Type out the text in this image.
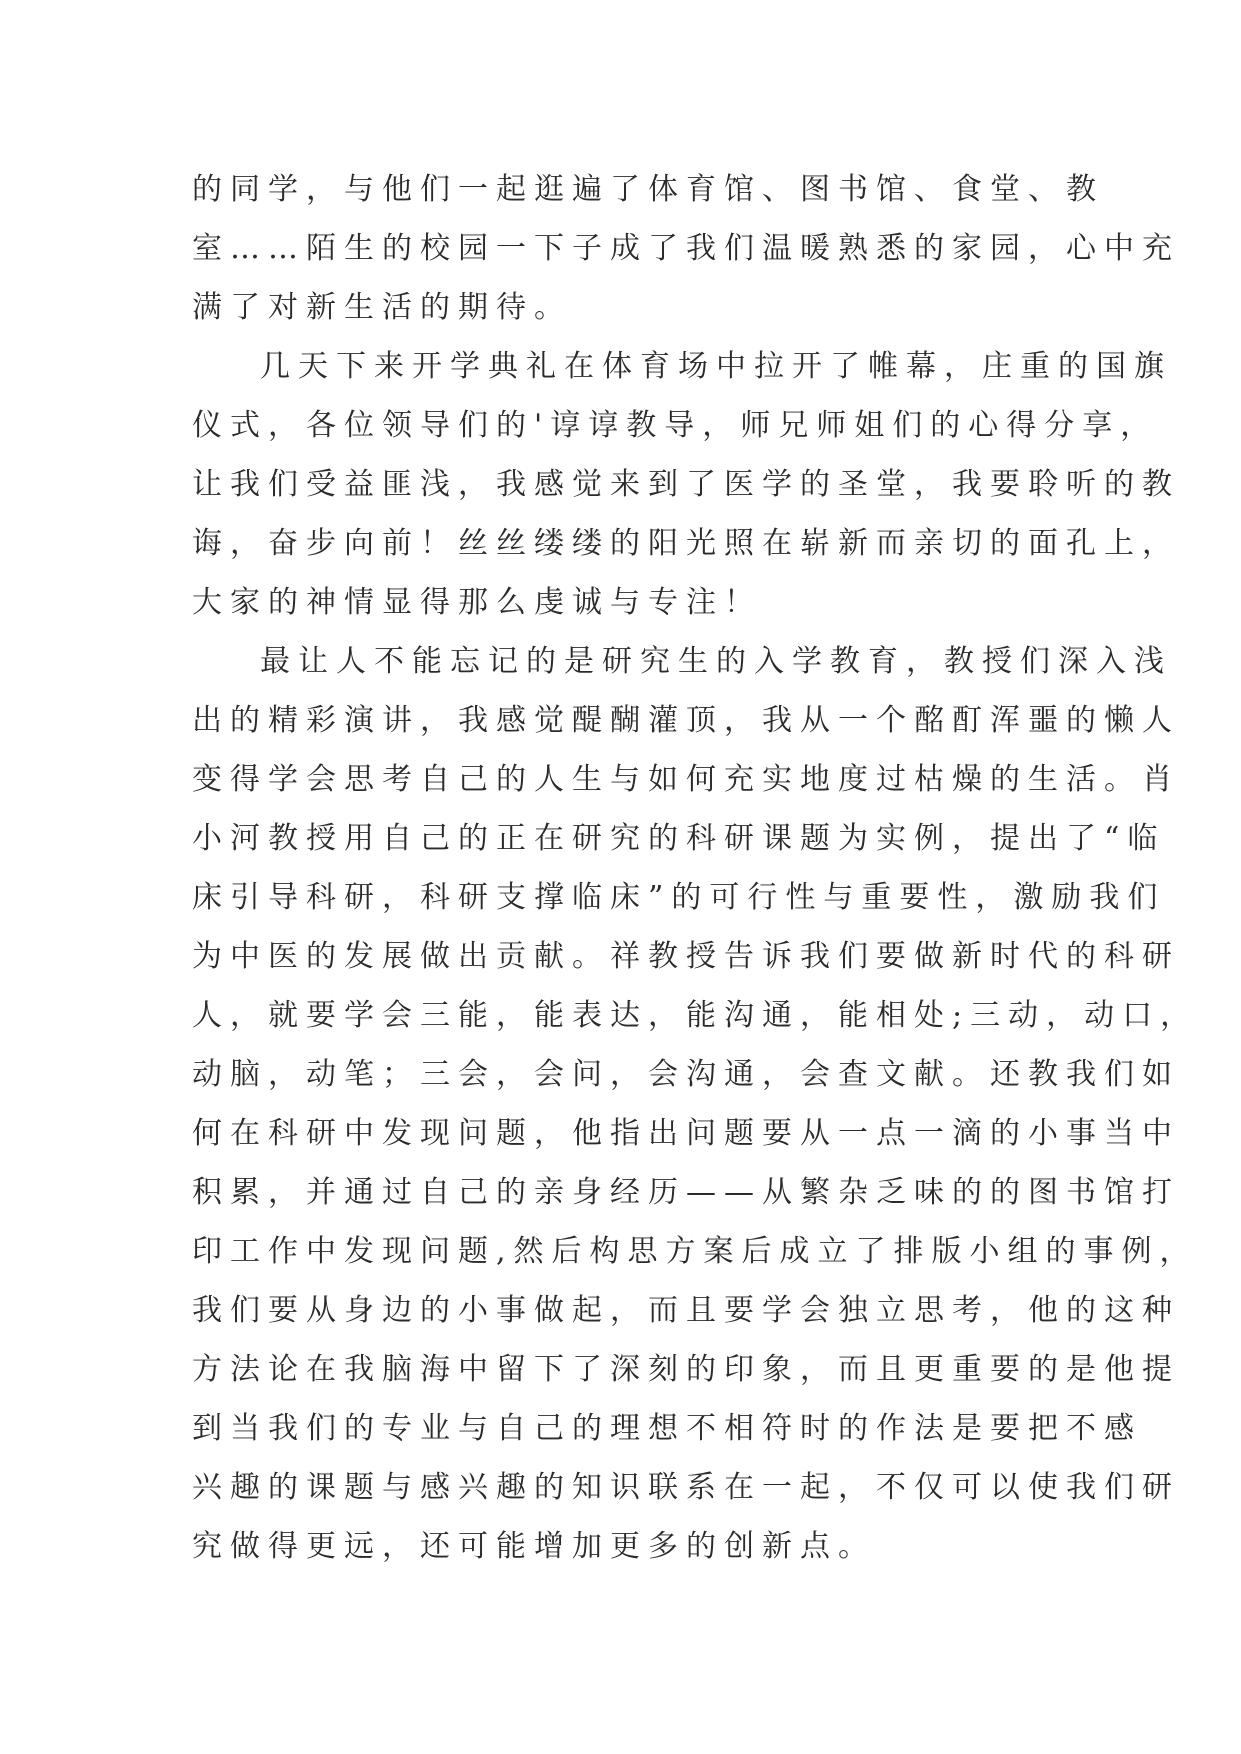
的同学，与他们一起逛遍了体育馆、图书馆、食堂、教
室……陌生的校园一下子成了我们温暖熟悉的家园，心中充
满了对新生活的期待。
几天下来开学典礼在体育场中拉开了帷幕，庄重的国旗
仪式，各位领导们的'谆谆教导，师兄师姐们的心得分享，
让我们受益匪浅，我感觉来到了医学的圣堂，我要聆听的教
诲，奋步向前！丝丝缕缕的阳光照在崭新而亲切的面孔上，
大家的神情显得那么虔诚与专注！
最让人不能忘记的是研究生的入学教育，教授们深入浅
出的精彩演讲，我感觉醍醐灌顶，我从一个酩酊浑噩的懒人
变得学会思考自己的人生与如何充实地度过枯燥的生活。肖
小河教授用自己的正在研究的科研课题为实例，提出了“临
床引导科研，科研支撑临床”的可行性与重要性，激励我们
为中医的发展做出贡献。祥教授告诉我们要做新时代的科研
人，就要学会三能，能表达，能沟通，能相处;三动，动口，
动脑，动笔；三会，会问，会沟通，会查文献。还教我们如
何在科研中发现问题，他指出问题要从一点一滴的小事当中
积累，并通过自己的亲身经历——从繁杂乏味的的图书馆打
印工作中发现问题,然后构思方案后成立了排版小组的事例，
我们要从身边的小事做起，而且要学会独立思考，他的这种
方法论在我脑海中留下了深刻的印象，而且更重要的是他提
到当我们的专业与自己的理想不相符时的作法是要把不感
兴趣的课题与感兴趣的知识联系在一起，不仅可以使我们研
究做得更远，还可能增加更多的创新点。
